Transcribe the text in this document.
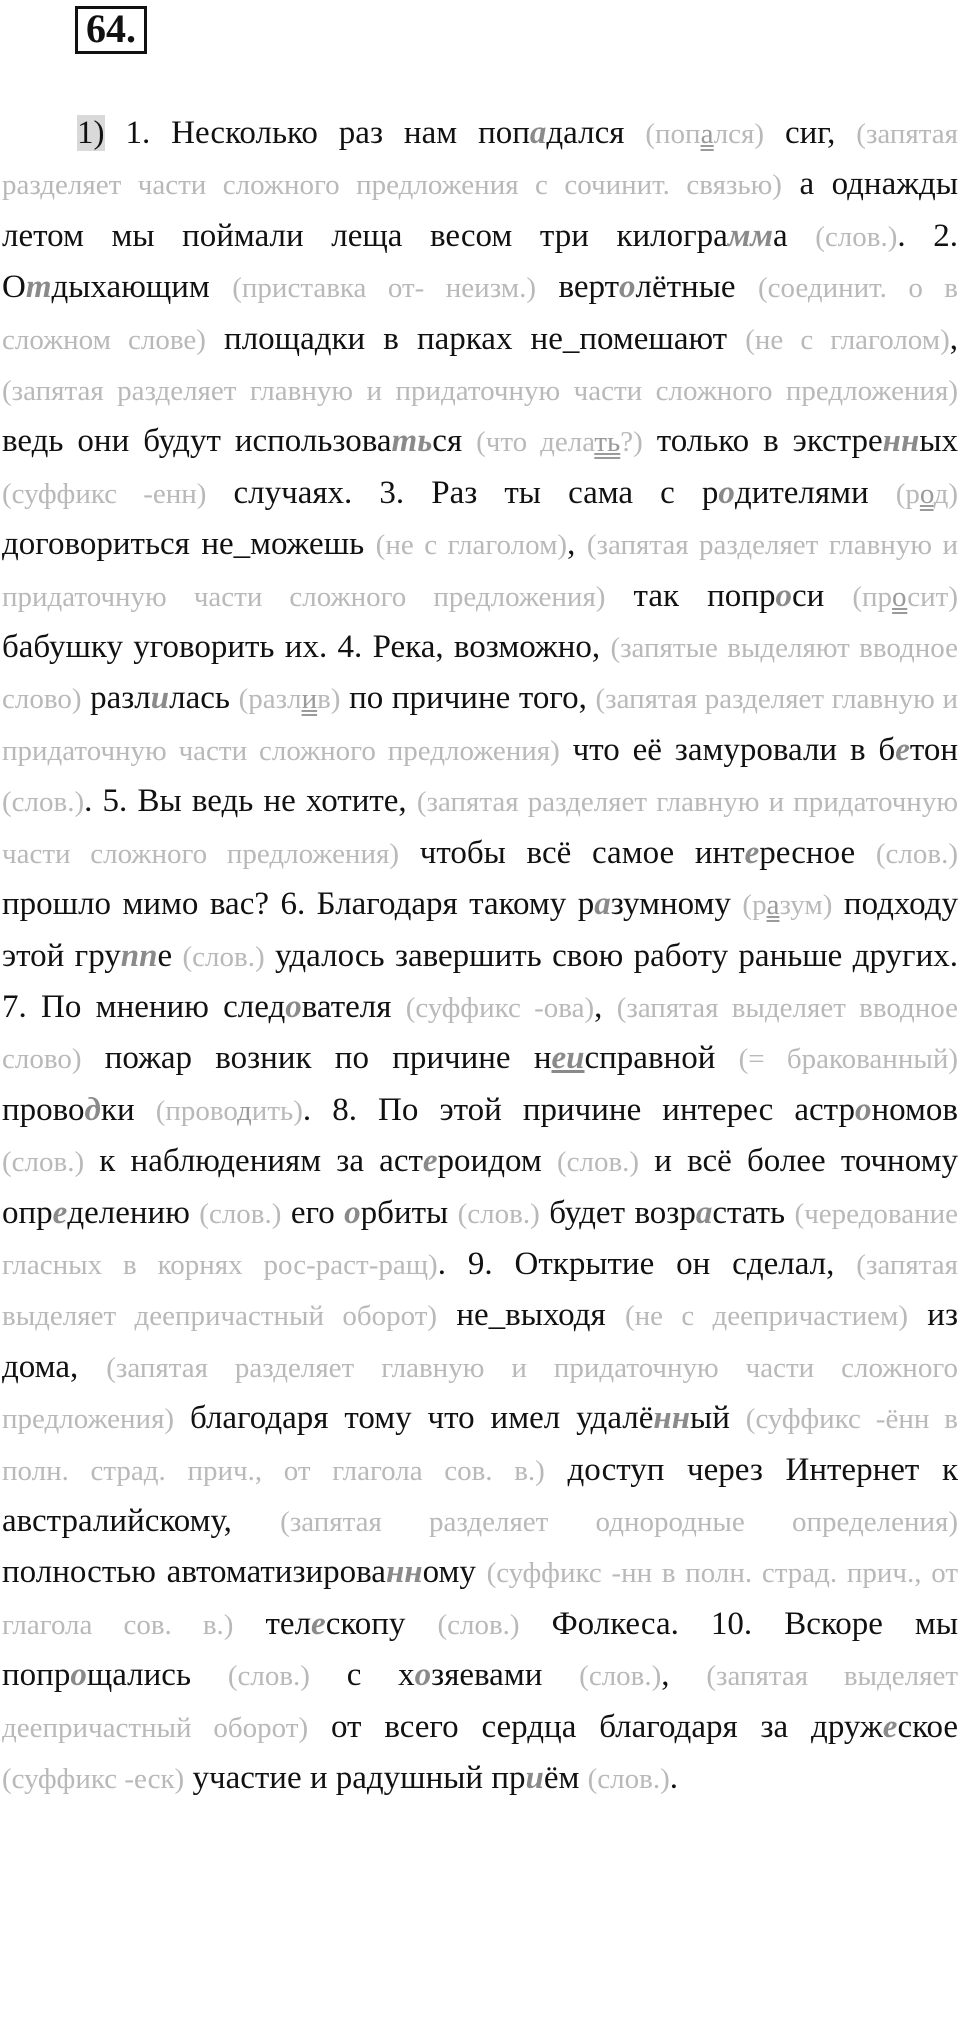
64.
1) 1. Несколько раз нам попадался (попался) сиг, (запятая разделяет части сложного предложения с сочинит. связью) а однажды летом мы поймали леща весом три килограмма (слов.). 2. Отдыхающим (приставка от- неизм.) вертолётные (соединит. о в сложном слове) площадки в парках не_помешают (не с глаголом), (запятая разделяет главную и придаточную части сложного предложения) ведь они будут использоваться (что делать?) только в экстренных (суффикс -енн) случаях. 3. Раз ты сама с родителями (род) договориться не_можешь (не с глаголом), (запятая разделяет главную и придаточную части сложного предложения) так попроси (просит) бабушку уговорить их. 4. Река, возможно, (запятые выделяют вводное слово) разлилась (разлив) по причине того, (запятая разделяет главную и придаточную части сложного предложения) что её замуровали в бетон (слов.). 5. Вы ведь не хотите, (запятая разделяет главную и придаточную части сложного предложения) чтобы всё самое интересное (слов.) прошло мимо вас? 6. Благодаря такому разумному (разум) подходу этой группе (слов.) удалось завершить свою работу раньше других. 7. По мнению следователя (суффикс -ова), (запятая выделяет вводное слово) пожар возник по причине неисправной (= бракованный) проводки (проводить). 8. По этой причине интерес астрономов (слов.) к наблюдениям за астероидом (слов.) и всё более точному определению (слов.) его орбиты (слов.) будет возрастать (чередование гласных в корнях рос-раст-ращ). 9. Открытие он сделал, (запятая выделяет деепричастный оборот) не_выходя (не с деепричастием) из дома, (запятая разделяет главную и придаточную части сложного предложения) благодаря тому что имел удалённый (суффикс -ённ в полн. страд. прич., от глагола сов. в.) доступ через Интернет к австралийскому, (запятая разделяет однородные определения) полностью автоматизированному (суффикс -нн в полн. страд. прич., от глагола сов. в.) телескопу (слов.) Фолкеса. 10. Вскоре мы попрощались (слов.) с хозяевами (слов.), (запятая выделяет деепричастный оборот) от всего сердца благодаря за дружеское (суффикс -еск) участие и радушный приём (слов.).
